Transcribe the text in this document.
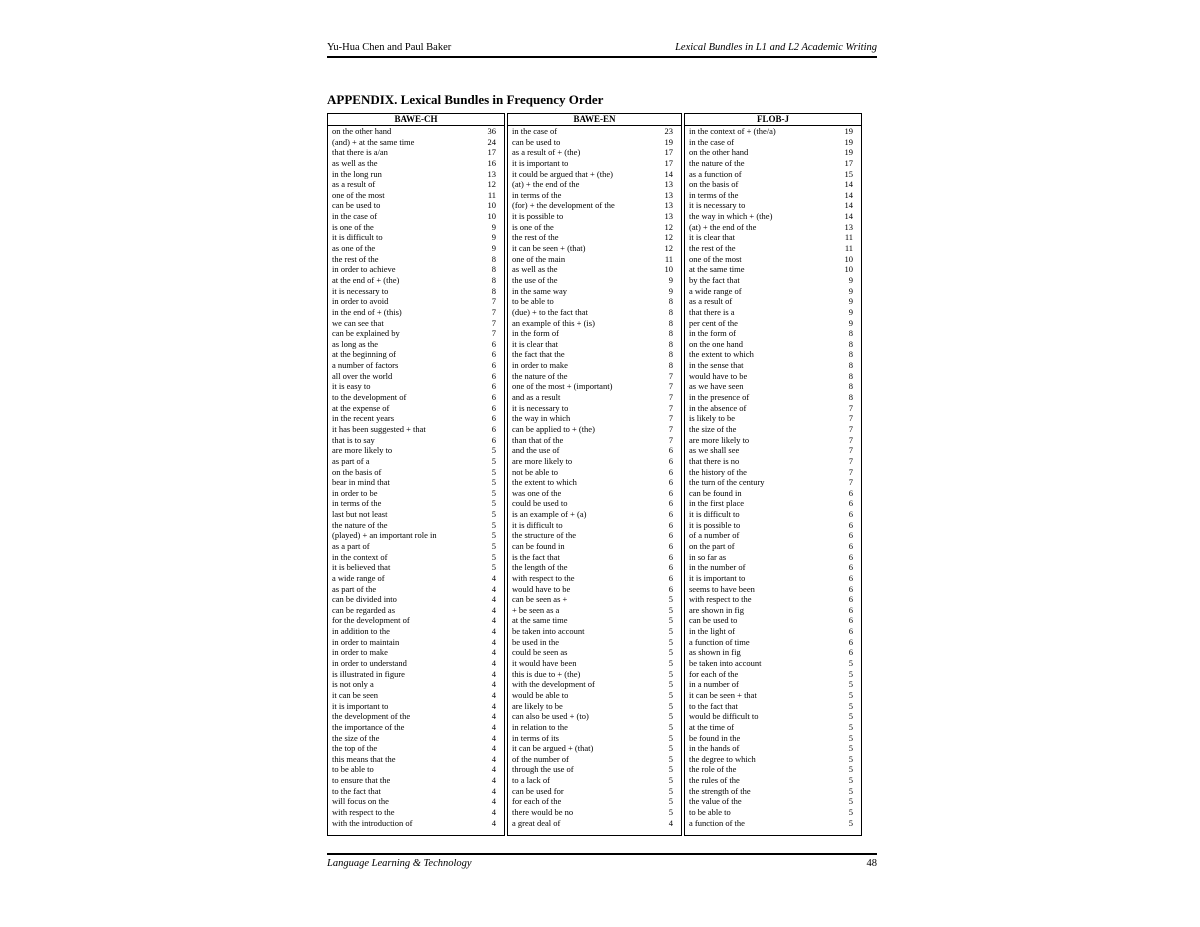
Yu-Hua Chen and Paul Baker	Lexical Bundles in L1 and L2 Academic Writing
APPENDIX. Lexical Bundles in Frequency Order
BAWE-CH
on the other hand	36
(and) + at the same time	24
that there is a/an	17
as well as the	16
in the long run	13
as a result of	12
one of the most	11
can be used to	10
in the case of	10
is one of the	9
it is difficult to	9
as one of the	9
the rest of the	8
in order to achieve	8
at the end of + (the)	8
it is necessary to	8
in order to avoid	7
in the end of + (this)	7
we can see that	7
can be explained by	7
as long as the	6
at the beginning of	6
a number of factors	6
all over the world	6
it is easy to	6
to the development of	6
at the expense of	6
in the recent years	6
it has been suggested + that	6
that is to say	6
are more likely to	5
as part of a	5
on the basis of	5
bear in mind that	5
in order to be	5
in terms of the	5
last but not least	5
the nature of the	5
(played) + an important role in	5
as a part of	5
in the context of	5
it is believed that	5
a wide range of	4
as part of the	4
can be divided into	4
can be regarded as	4
for the development of	4
in addition to the	4
in order to maintain	4
in order to make	4
in order to understand	4
is illustrated in figure	4
is not only a	4
it can be seen	4
it is important to	4
the development of the	4
the importance of the	4
the size of the	4
the top of the	4
this means that the	4
to be able to	4
to ensure that the	4
to the fact that	4
will focus on the	4
with respect to the	4
with the introduction of	4
BAWE-EN
in the case of	23
can be used to	19
as a result of + (the)	17
it is important to	17
it could be argued that + (the)	14
(at) + the end of the	13
in terms of the	13
(for) + the development of the	13
it is possible to	13
is one of the	12
the rest of the	12
it can be seen + (that)	12
one of the main	11
as well as the	10
the use of the	9
in the same way	9
to be able to	8
(due) + to the fact that	8
an example of this + (is)	8
in the form of	8
it is clear that	8
the fact that the	8
in order to make	8
the nature of the	7
one of the most + (important)	7
and as a result	7
it is necessary to	7
the way in which	7
can be applied to + (the)	7
than that of the	7
and the use of	6
are more likely to	6
not be able to	6
the extent to which	6
was one of the	6
could be used to	6
is an example of + (a)	6
it is difficult to	6
the structure of the	6
can be found in	6
is the fact that	6
the length of the	6
with respect to the	6
would have to be	6
can be seen as +	5
+ be seen as a	5
at the same time	5
be taken into account	5
be used in the	5
could be seen as	5
it would have been	5
this is due to + (the)	5
with the development of	5
would be able to	5
are likely to be	5
can also be used + (to)	5
in relation to the	5
in terms of its	5
it can be argued + (that)	5
of the number of	5
through the use of	5
to a lack of	5
can be used for	5
for each of the	5
there would be no	5
a great deal of	4
FLOB-J
in the context of + (the/a)	19
in the case of	19
on the other hand	19
the nature of the	17
as a function of	15
on the basis of	14
in terms of the	14
it is necessary to	14
the way in which + (the)	14
(at) + the end of the	13
it is clear that	11
the rest of the	11
one of the most	10
at the same time	10
by the fact that	9
a wide range of	9
as a result of	9
that there is a	9
per cent of the	9
in the form of	8
on the one hand	8
the extent to which	8
in the sense that	8
would have to be	8
as we have seen	8
in the presence of	8
in the absence of	7
is likely to be	7
the size of the	7
are more likely to	7
as we shall see	7
that there is no	7
the history of the	7
the turn of the century	7
can be found in	6
in the first place	6
it is difficult to	6
it is possible to	6
of a number of	6
on the part of	6
in so far as	6
in the number of	6
it is important to	6
seems to have been	6
with respect to the	6
are shown in fig	6
can be used to	6
in the light of	6
a function of time	6
as shown in fig	6
be taken into account	5
for each of the	5
in a number of	5
it can be seen + that	5
to the fact that	5
would be difficult to	5
at the time of	5
be found in the	5
in the hands of	5
the degree to which	5
the role of the	5
the rules of the	5
the strength of the	5
the value of the	5
to be able to	5
a function of the	5
Language Learning & Technology	48
